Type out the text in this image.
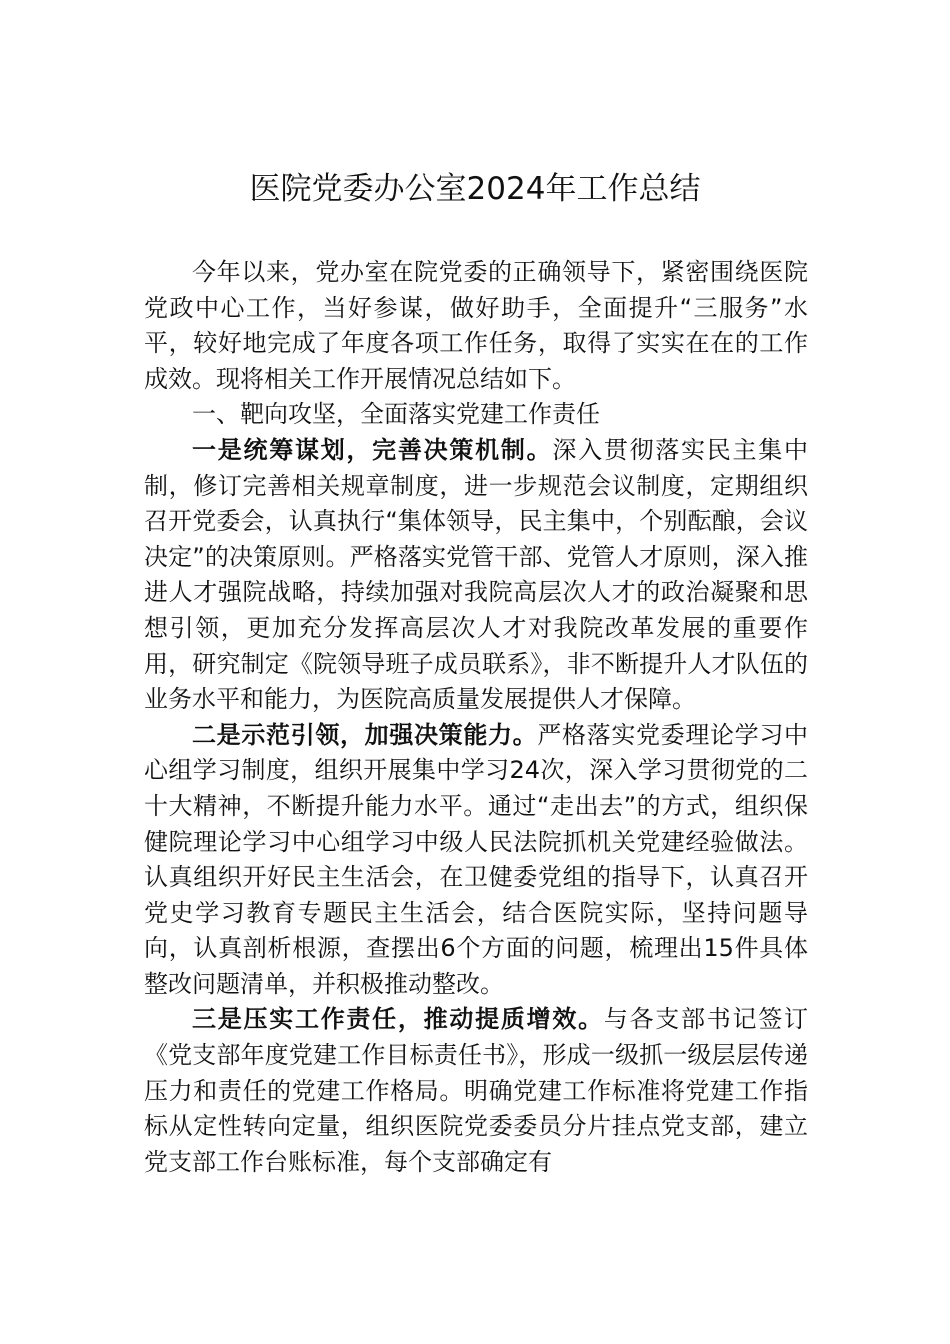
医院党委办公室2024年工作总结

今年以来，党办室在院党委的正确领导下，紧密围绕医院党政中心工作，当好参谋，做好助手，全面提升“三服务”水平，较好地完成了年度各项工作任务，取得了实实在在的工作成效。现将相关工作开展情况总结如下。

一、靶向攻坚，全面落实党建工作责任

一是统筹谋划，完善决策机制。深入贯彻落实民主集中制，修订完善相关规章制度，进一步规范会议制度，定期组织召开党委会，认真执行“集体领导，民主集中，个别酝酿，会议决定”的决策原则。严格落实党管干部、党管人才原则，深入推进人才强院战略，持续加强对我院高层次人才的政治凝聚和思想引领，更加充分发挥高层次人才对我院改革发展的重要作用，研究制定《院领导班子成员联系》，非不断提升人才队伍的业务水平和能力，为医院高质量发展提供人才保障。

二是示范引领，加强决策能力。严格落实党委理论学习中心组学习制度，组织开展集中学习24次，深入学习贯彻党的二十大精神，不断提升能力水平。通过“走出去”的方式，组织保健院理论学习中心组学习中级人民法院抓机关党建经验做法。认真组织开好民主生活会，在卫健委党组的指导下，认真召开党史学习教育专题民主生活会，结合医院实际，坚持问题导向，认真剖析根源，查摆出6个方面的问题，梳理出15件具体整改问题清单，并积极推动整改。

三是压实工作责任，推动提质增效。与各支部书记签订《党支部年度党建工作目标责任书》，形成一级抓一级层层传递压力和责任的党建工作格局。明确党建工作标准将党建工作指标从定性转向定量，组织医院党委委员分片挂点党支部，建立党支部工作台账标准，每个支部确定有
